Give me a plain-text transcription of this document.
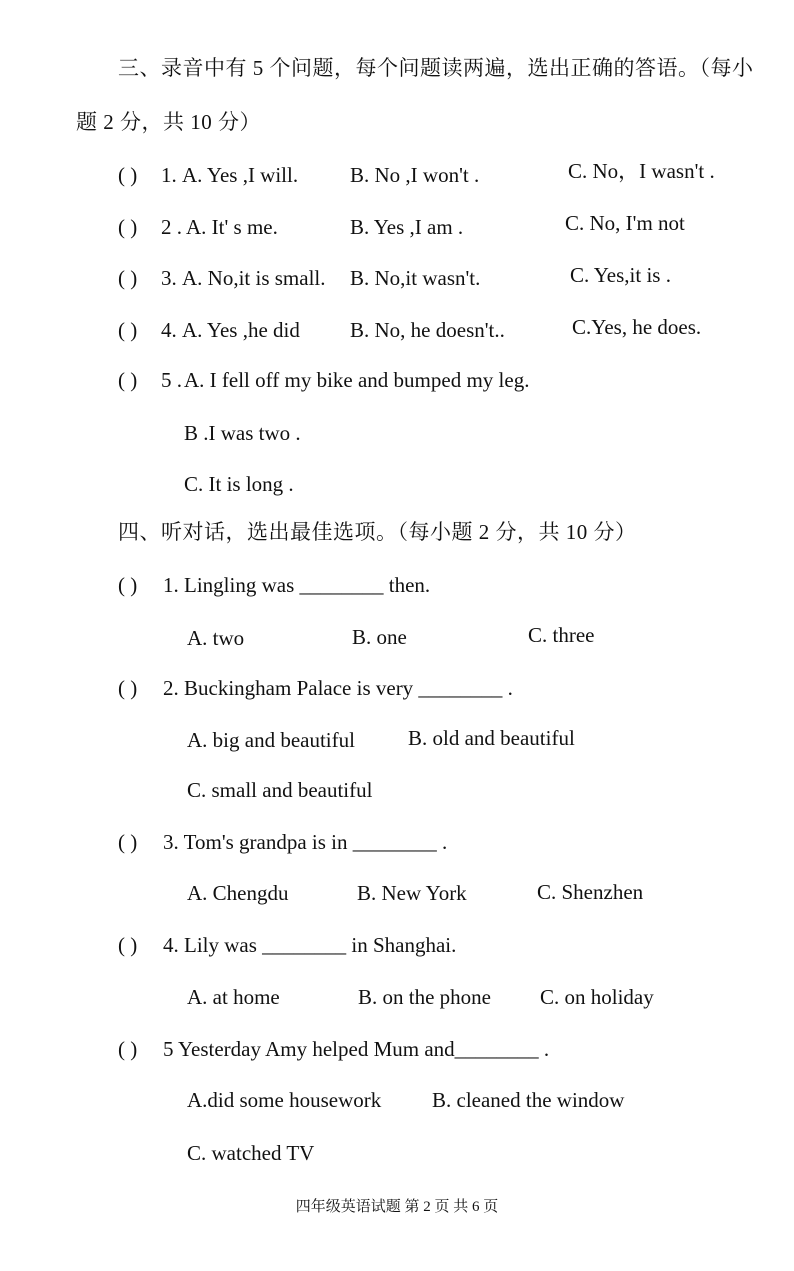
三、录音中有 5 个问题，每个问题读两遍，选出正确的答语。（每小
题 2 分，共 10 分）
( ) 1. A. Yes ,I will. B. No ,I won't .	C. No，I wasn't .
( ) 2 . A. It' s me.	B. Yes ,I am .	C. No, I'm not
( ) 3. A. No,it is small. B. No,it wasn't.	C. Yes,it is .
( ) 4. A. Yes ,he did B. No, he doesn't..	C.Yes, he does.
( ) 5 . A. I fell off my bike and bumped my leg.
B .I was two .
C. It is long .
四、听对话，选出最佳选项。（每小题 2 分，共 10 分）
( ) 1. Lingling was ________ then.
A. two	B. one	C. three
( ) 2. Buckingham Palace is very ________ .
A. big and beautiful	B. old and beautiful
C. small and beautiful
( ) 3. Tom's grandpa is in ________ .
A. Chengdu	B. New York	C. Shenzhen
( ) 4. Lily was ________ in Shanghai.
A. at home	B. on the phone C. on holiday
( ) 5 Yesterday Amy helped Mum and________ .
A.did some housework B. cleaned the window
C. watched TV
四年级英语试题 第 2 页 共 6 页
